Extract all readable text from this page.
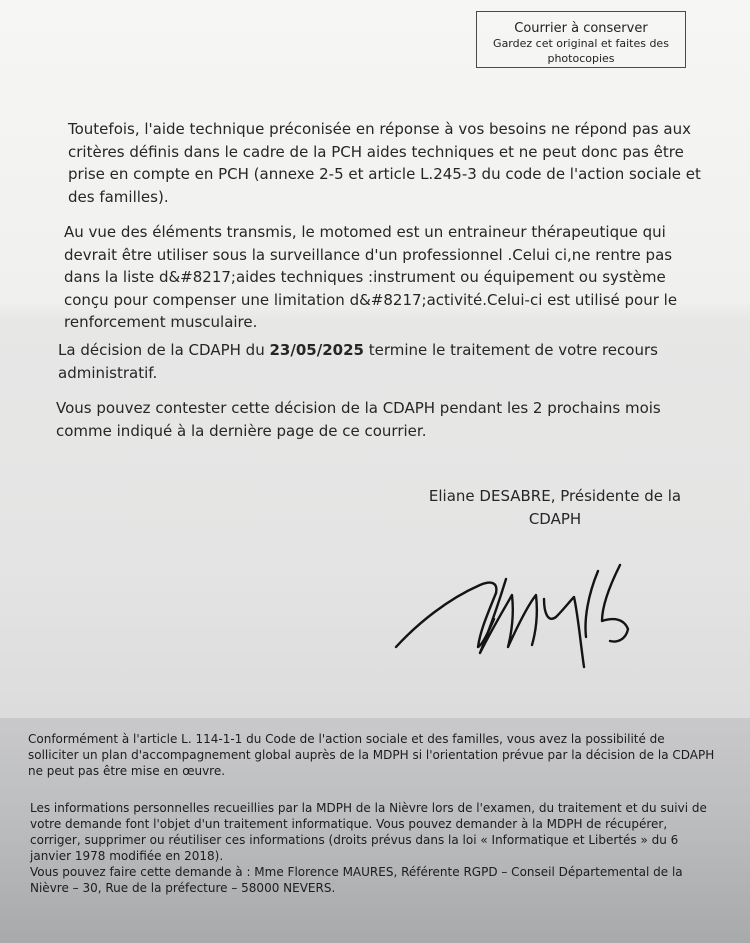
Courrier à conserver
Gardez cet original et faites des photocopies

Toutefois, l'aide technique préconisée en réponse à vos besoins ne répond pas aux critères définis dans le cadre de la PCH aides techniques et ne peut donc pas être prise en compte en PCH (annexe 2-5 et article L.245-3 du code de l'action sociale et des familles).

Au vue des éléments transmis, le motomed est un entraineur thérapeutique qui devrait être utiliser sous la surveillance d'un professionnel .Celui ci,ne rentre pas dans la liste d&#8217;aides techniques :instrument ou équipement ou système conçu pour compenser une limitation d&#8217;activité.Celui-ci est utilisé pour le renforcement musculaire.

La décision de la CDAPH du 23/05/2025 termine le traitement de votre recours administratif.

Vous pouvez contester cette décision de la CDAPH pendant les 2 prochains mois comme indiqué à la dernière page de ce courrier.

Eliane DESABRE, Présidente de la
CDAPH

Conformément à l'article L. 114-1-1 du Code de l'action sociale et des familles, vous avez la possibilité de solliciter un plan d'accompagnement global auprès de la MDPH si l'orientation prévue par la décision de la CDAPH ne peut pas être mise en œuvre.

Les informations personnelles recueillies par la MDPH de la Nièvre lors de l'examen, du traitement et du suivi de votre demande font l'objet d'un traitement informatique. Vous pouvez demander à la MDPH de récupérer, corriger, supprimer ou réutiliser ces informations (droits prévus dans la loi « Informatique et Libertés » du 6 janvier 1978 modifiée en 2018).

Vous pouvez faire cette demande à : Mme Florence MAURES, Référente RGPD – Conseil Départemental de la Nièvre – 30, Rue de la préfecture – 58000 NEVERS.
